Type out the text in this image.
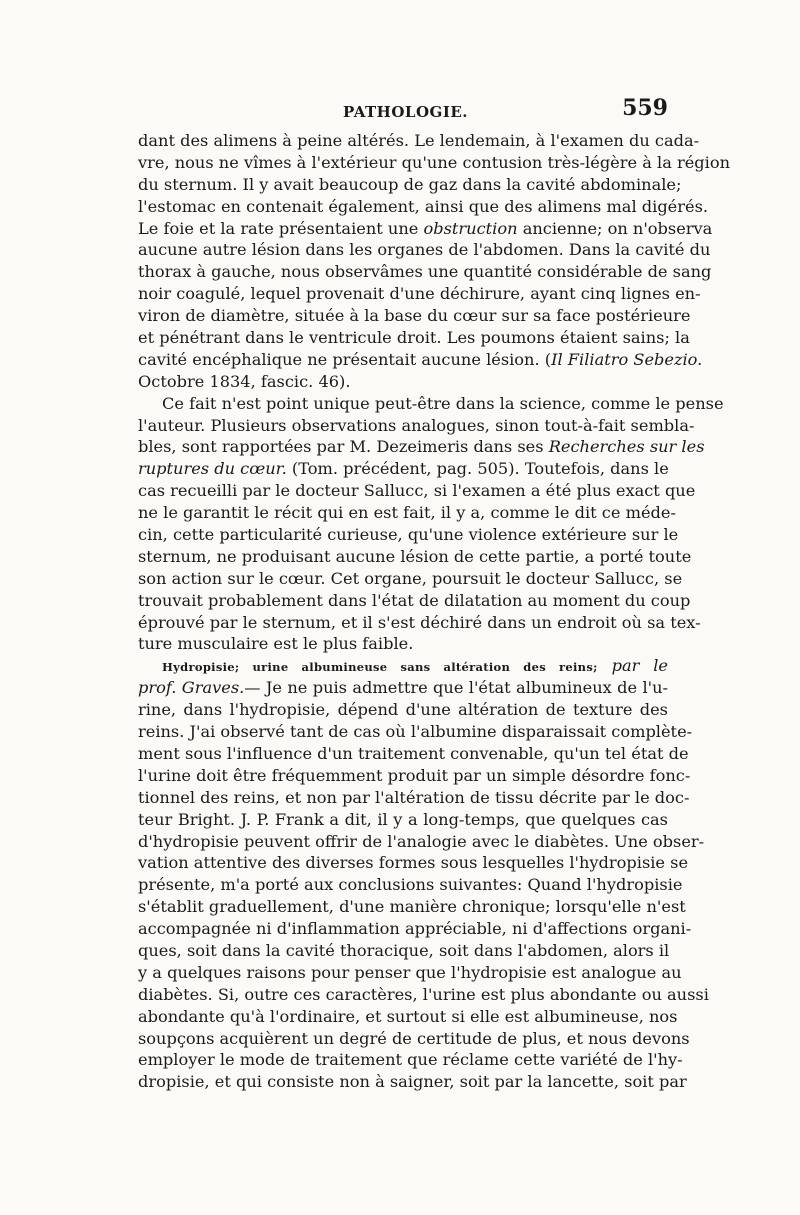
PATHOLOGIE.	559
dant des alimens à peine altérés. Le lendemain, à l'examen du cada-
vre, nous ne vîmes à l'extérieur qu'une contusion très-légère à la région
du sternum. Il y avait beaucoup de gaz dans la cavité abdominale;
l'estomac en contenait également, ainsi que des alimens mal digérés.
Le foie et la rate présentaient une obstruction ancienne; on n'observa
aucune autre lésion dans les organes de l'abdomen. Dans la cavité du
thorax à gauche, nous observâmes une quantité considérable de sang
noir coagulé, lequel provenait d'une déchirure, ayant cinq lignes en-
viron de diamètre, située à la base du cœur sur sa face postérieure
et pénétrant dans le ventricule droit. Les poumons étaient sains; la
cavité encéphalique ne présentait aucune lésion. (Il Filiatro Sebezio.
Octobre 1834, fascic. 46).
Ce fait n'est point unique peut-être dans la science, comme le pense
l'auteur. Plusieurs observations analogues, sinon tout-à-fait sembla-
bles, sont rapportées par M. Dezeimeris dans ses Recherches sur les
ruptures du cœur. (Tom. précédent, pag. 505). Toutefois, dans le
cas recueilli par le docteur Sallucc, si l'examen a été plus exact que
ne le garantit le récit qui en est fait, il y a, comme le dit ce méde-
cin, cette particularité curieuse, qu'une violence extérieure sur le
sternum, ne produisant aucune lésion de cette partie, a porté toute
son action sur le cœur. Cet organe, poursuit le docteur Sallucc, se
trouvait probablement dans l'état de dilatation au moment du coup
éprouvé par le sternum, et il s'est déchiré dans un endroit où sa tex-
ture musculaire est le plus faible.
Hydropisie; urine albumineuse sans altération des reins; par le
prof. Graves.— Je ne puis admettre que l'état albumineux de l'u-
rine, dans l'hydropisie, dépend d'une altération de texture des
reins. J'ai observé tant de cas où l'albumine disparaissait complète-
ment sous l'influence d'un traitement convenable, qu'un tel état de
l'urine doit être fréquemment produit par un simple désordre fonc-
tionnel des reins, et non par l'altération de tissu décrite par le doc-
teur Bright. J. P. Frank a dit, il y a long-temps, que quelques cas
d'hydropisie peuvent offrir de l'analogie avec le diabètes. Une obser-
vation attentive des diverses formes sous lesquelles l'hydropisie se
présente, m'a porté aux conclusions suivantes: Quand l'hydropisie
s'établit graduellement, d'une manière chronique; lorsqu'elle n'est
accompagnée ni d'inflammation appréciable, ni d'affections organi-
ques, soit dans la cavité thoracique, soit dans l'abdomen, alors il
y a quelques raisons pour penser que l'hydropisie est analogue au
diabètes. Si, outre ces caractères, l'urine est plus abondante ou aussi
abondante qu'à l'ordinaire, et surtout si elle est albumineuse, nos
soupçons acquièrent un degré de certitude de plus, et nous devons
employer le mode de traitement que réclame cette variété de l'hy-
dropisie, et qui consiste non à saigner, soit par la lancette, soit par
